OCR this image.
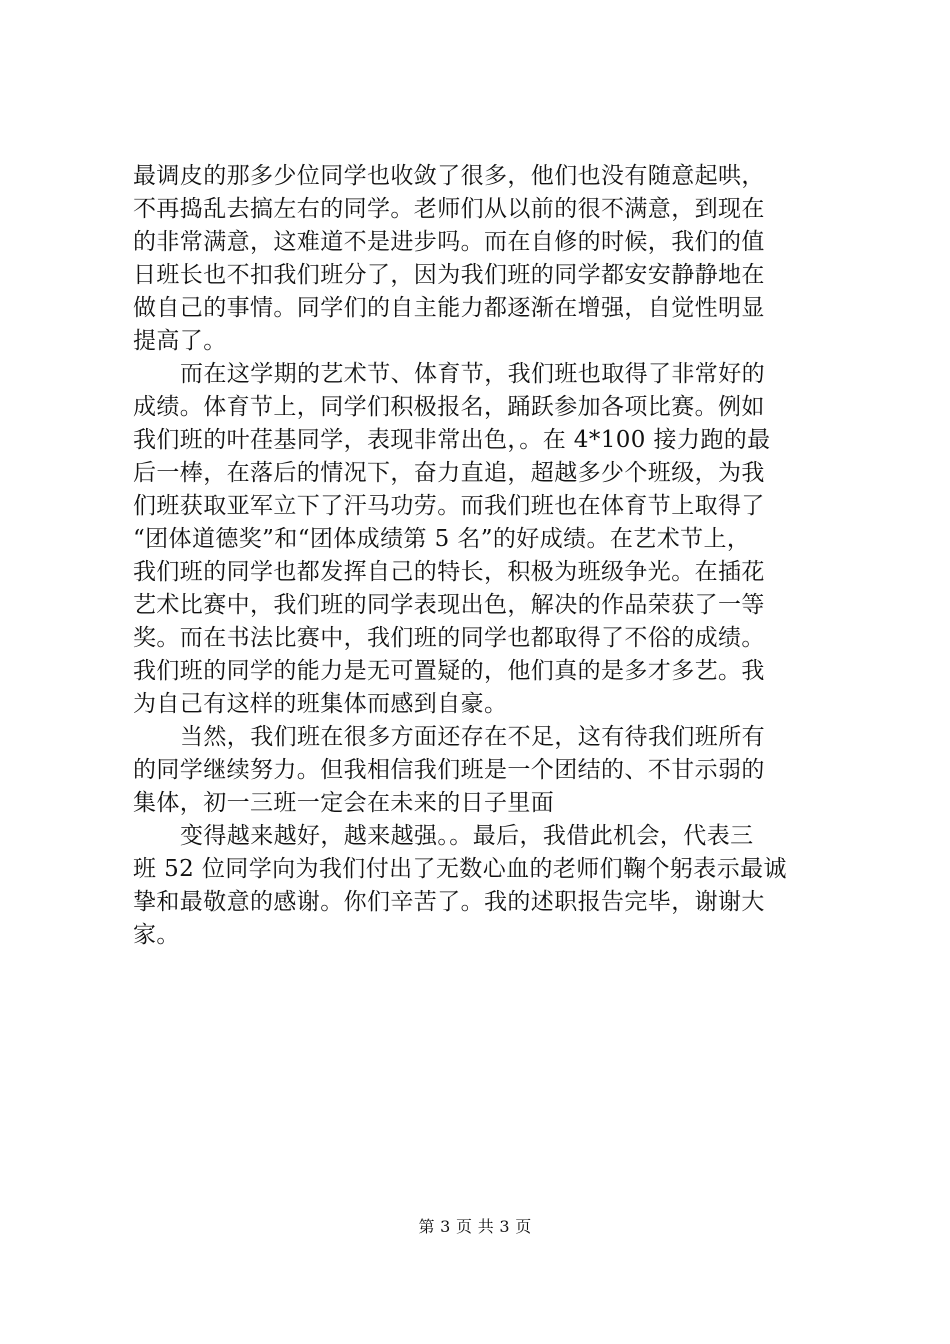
最调皮的那多少位同学也收敛了很多，他们也没有随意起哄，
不再捣乱去搞左右的同学。老师们从以前的很不满意，到现在
的非常满意，这难道不是进步吗。而在自修的时候，我们的值
日班长也不扣我们班分了，因为我们班的同学都安安静静地在
做自己的事情。同学们的自主能力都逐渐在增强，自觉性明显
提高了。
而在这学期的艺术节、体育节，我们班也取得了非常好的
成绩。体育节上，同学们积极报名，踊跃参加各项比赛。例如
我们班的叶荏基同学，表现非常出色，。在 4*100 接力跑的最
后一棒，在落后的情况下，奋力直追，超越多少个班级，为我
们班获取亚军立下了汗马功劳。而我们班也在体育节上取得了
“团体道德奖”和“团体成绩第 5 名”的好成绩。在艺术节上，
我们班的同学也都发挥自己的特长，积极为班级争光。在插花
艺术比赛中，我们班的同学表现出色，解决的作品荣获了一等
奖。而在书法比赛中，我们班的同学也都取得了不俗的成绩。
我们班的同学的能力是无可置疑的，他们真的是多才多艺。我
为自己有这样的班集体而感到自豪。
当然，我们班在很多方面还存在不足，这有待我们班所有
的同学继续努力。但我相信我们班是一个团结的、不甘示弱的
集体，初一三班一定会在未来的日子里面
变得越来越好，越来越强。。最后，我借此机会，代表三
班 52 位同学向为我们付出了无数心血的老师们鞠个躬表示最诚
挚和最敬意的感谢。你们辛苦了。我的述职报告完毕，谢谢大
家。
第 3 页 共 3 页
